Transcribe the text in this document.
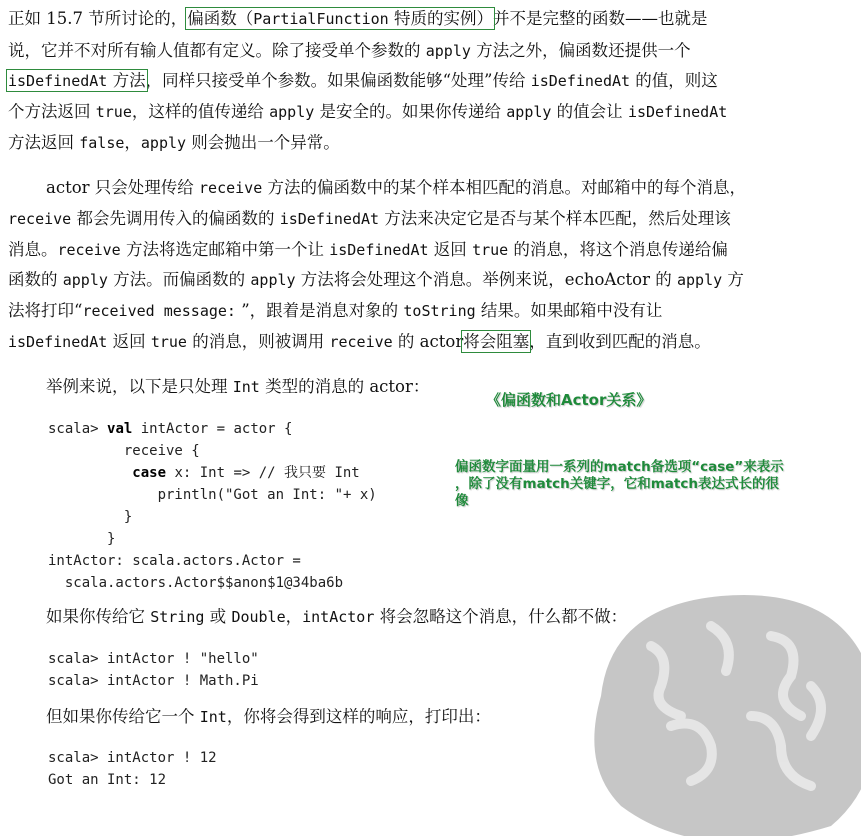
正如 15.7 节所讨论的，偏函数（PartialFunction 特质的实例）并不是完整的函数——也就是
说，它并不对所有输人值都有定义。除了接受单个参数的 apply 方法之外，偏函数还提供一个
isDefinedAt 方法，同样只接受单个参数。如果偏函数能够“处理”传给 isDefinedAt 的值，则这
个方法返回 true，这样的值传递给 apply 是安全的。如果你传递给 apply 的值会让 isDefinedAt
方法返回 false，apply 则会抛出一个异常。
actor 只会处理传给 receive 方法的偏函数中的某个样本相匹配的消息。对邮箱中的每个消息，
receive 都会先调用传入的偏函数的 isDefinedAt 方法来决定它是否与某个样本匹配，然后处理该
消息。receive 方法将选定邮箱中第一个让 isDefinedAt 返回 true 的消息，将这个消息传递给偏
函数的 apply 方法。而偏函数的 apply 方法将会处理这个消息。举例来说，echoActor 的 apply 方
法将打印“received message: ”，跟着是消息对象的 toString 结果。如果邮箱中没有让
isDefinedAt 返回 true 的消息，则被调用 receive 的 actor将会阻塞，直到收到匹配的消息。
举例来说，以下是只处理 Int 类型的消息的 actor：
《偏函数和Actor关系》
scala> val intActor = actor {
receive {
case x: Int => // 我只要 Int
println("Got an Int: "+ x)
}
}
intActor: scala.actors.Actor =
scala.actors.Actor$$anon$1@34ba6b
偏函数字面量用一系列的match备选项“case”来表示
，除了没有match关键字，它和match表达式长的很
像
如果你传给它 String 或 Double，intActor 将会忽略这个消息，什么都不做：
scala> intActor ! "hello"
scala> intActor ! Math.Pi
但如果你传给它一个 Int，你将会得到这样的响应，打印出：
scala> intActor ! 12
Got an Int: 12
